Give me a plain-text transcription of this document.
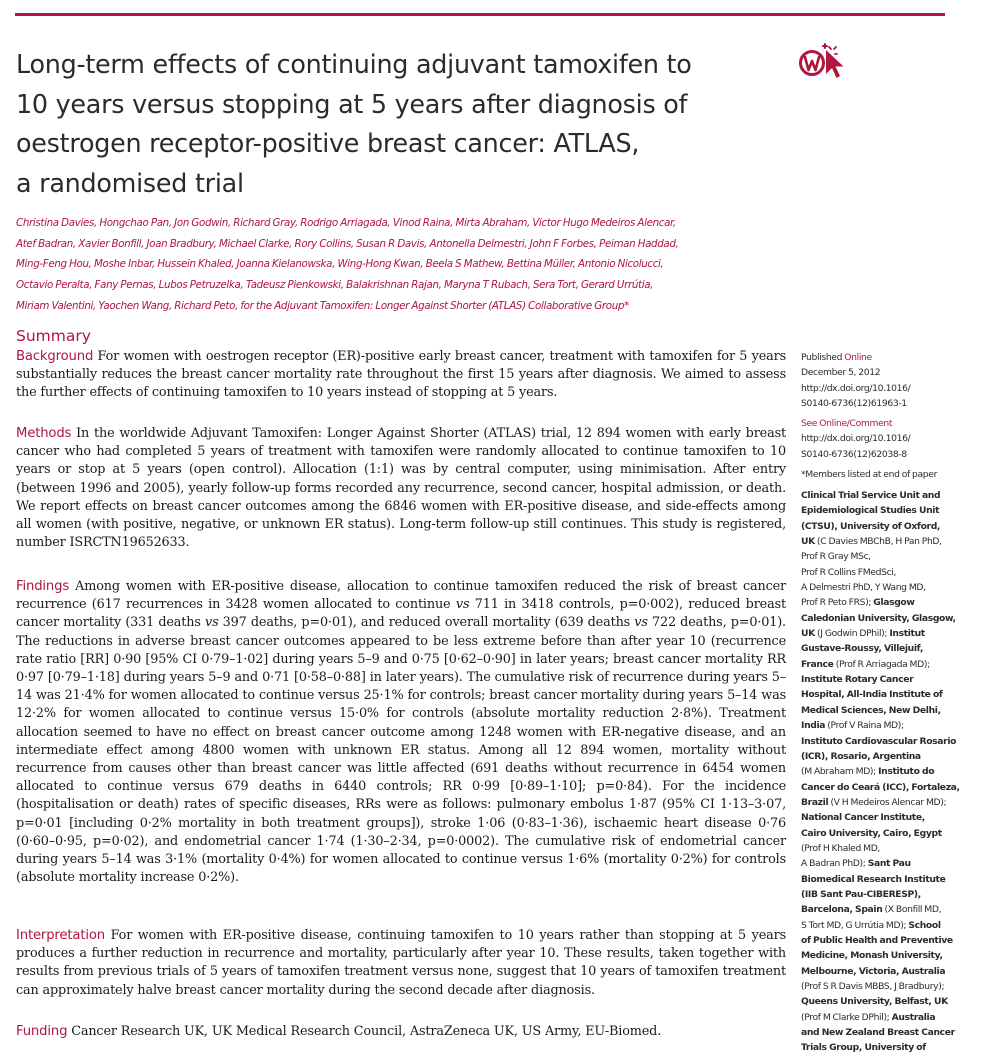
Long-term effects of continuing adjuvant tamoxifen to
10 years versus stopping at 5 years after diagnosis of
oestrogen receptor-positive breast cancer: ATLAS,
a randomised trial
Christina Davies, Hongchao Pan, Jon Godwin, Richard Gray, Rodrigo Arriagada, Vinod Raina, Mirta Abraham, Victor Hugo Medeiros Alencar,
Atef Badran, Xavier Bonfill, Joan Bradbury, Michael Clarke, Rory Collins, Susan R Davis, Antonella Delmestri, John F Forbes, Peiman Haddad,
Ming-Feng Hou, Moshe Inbar, Hussein Khaled, Joanna Kielanowska, Wing-Hong Kwan, Beela S Mathew, Bettina Müller, Antonio Nicolucci,
Octavio Peralta, Fany Pernas, Lubos Petruzelka, Tadeusz Pienkowski, Balakrishnan Rajan, Maryna T Rubach, Sera Tort, Gerard Urrútia,
Miriam Valentini, Yaochen Wang, Richard Peto, for the Adjuvant Tamoxifen: Longer Against Shorter (ATLAS) Collaborative Group*
Summary

Background For women with oestrogen receptor (ER)-positive early breast cancer, treatment with tamoxifen for 5 years substantially reduces the breast cancer mortality rate throughout the first 15 years after diagnosis. We aimed to assess the further effects of continuing tamoxifen to 10 years instead of stopping at 5 years.

Methods In the worldwide Adjuvant Tamoxifen: Longer Against Shorter (ATLAS) trial, 12 894 women with early breast cancer who had completed 5 years of treatment with tamoxifen were randomly allocated to continue tamoxifen to 10 years or stop at 5 years (open control). Allocation (1:1) was by central computer, using minimisation. After entry (between 1996 and 2005), yearly follow-up forms recorded any recurrence, second cancer, hospital admission, or death. We report effects on breast cancer outcomes among the 6846 women with ER-positive disease, and side-effects among all women (with positive, negative, or unknown ER status). Long-term follow-up still continues. This study is registered, number ISRCTN19652633.

Findings Among women with ER-positive disease, allocation to continue tamoxifen reduced the risk of breast cancer recurrence (617 recurrences in 3428 women allocated to continue vs 711 in 3418 controls, p=0·002), reduced breast cancer mortality (331 deaths vs 397 deaths, p=0·01), and reduced overall mortality (639 deaths vs 722 deaths, p=0·01). The reductions in adverse breast cancer outcomes appeared to be less extreme before than after year 10 (recurrence rate ratio [RR] 0·90 [95% CI 0·79–1·02] during years 5–9 and 0·75 [0·62–0·90] in later years; breast cancer mortality RR 0·97 [0·79–1·18] during years 5–9 and 0·71 [0·58–0·88] in later years). The cumulative risk of recurrence during years 5–14 was 21·4% for women allocated to continue versus 25·1% for controls; breast cancer mortality during years 5–14 was 12·2% for women allocated to continue versus 15·0% for controls (absolute mortality reduction 2·8%). Treatment allocation seemed to have no effect on breast cancer outcome among 1248 women with ER-negative disease, and an intermediate effect among 4800 women with unknown ER status. Among all 12 894 women, mortality without recurrence from causes other than breast cancer was little affected (691 deaths without recurrence in 6454 women allocated to continue versus 679 deaths in 6440 controls; RR 0·99 [0·89–1·10]; p=0·84). For the incidence (hospitalisation or death) rates of specific diseases, RRs were as follows: pulmonary embolus 1·87 (95% CI 1·13–3·07, p=0·01 [including 0·2% mortality in both treatment groups]), stroke 1·06 (0·83–1·36), ischaemic heart disease 0·76 (0·60–0·95, p=0·02), and endometrial cancer 1·74 (1·30–2·34, p=0·0002). The cumulative risk of endometrial cancer during years 5–14 was 3·1% (mortality 0·4%) for women allocated to continue versus 1·6% (mortality 0·2%) for controls (absolute mortality increase 0·2%).

Interpretation For women with ER-positive disease, continuing tamoxifen to 10 years rather than stopping at 5 years produces a further reduction in recurrence and mortality, particularly after year 10. These results, taken together with results from previous trials of 5 years of tamoxifen treatment versus none, suggest that 10 years of tamoxifen treatment can approximately halve breast cancer mortality during the second decade after diagnosis.

Funding Cancer Research UK, UK Medical Research Council, AstraZeneca UK, US Army, EU-Biomed.

Published Online

December 5, 2012

http://dx.doi.org/10.1016/

S0140-6736(12)61963-1

See Online/Comment

http://dx.doi.org/10.1016/

S0140-6736(12)62038-8

*Members listed at end of paper

Clinical Trial Service Unit and

Epidemiological Studies Unit

(CTSU), University of Oxford,

UK (C Davies MBChB, H Pan PhD,

Prof R Gray MSc,

Prof R Collins FMedSci,

A Delmestri PhD, Y Wang MD,

Prof R Peto FRS); Glasgow

Caledonian University, Glasgow,

UK (J Godwin DPhil); Institut

Gustave-Roussy, Villejuif,

France (Prof R Arriagada MD);

Institute Rotary Cancer

Hospital, All-India Institute of

Medical Sciences, New Delhi,

India (Prof V Raina MD);

Instituto Cardiovascular Rosario

(ICR), Rosario, Argentina

(M Abraham MD); Instituto do

Cancer do Ceará (ICC), Fortaleza,

Brazil (V H Medeiros Alencar MD);

National Cancer Institute,

Cairo University, Cairo, Egypt

(Prof H Khaled MD,

A Badran PhD); Sant Pau

Biomedical Research Institute

(IIB Sant Pau-CIBERESP),

Barcelona, Spain (X Bonfill MD,

S Tort MD, G Urrútia MD); School

of Public Health and Preventive

Medicine, Monash University,

Melbourne, Victoria, Australia

(Prof S R Davis MBBS, J Bradbury);

Queens University, Belfast, UK

(Prof M Clarke DPhil); Australia

and New Zealand Breast Cancer

Trials Group, University of
